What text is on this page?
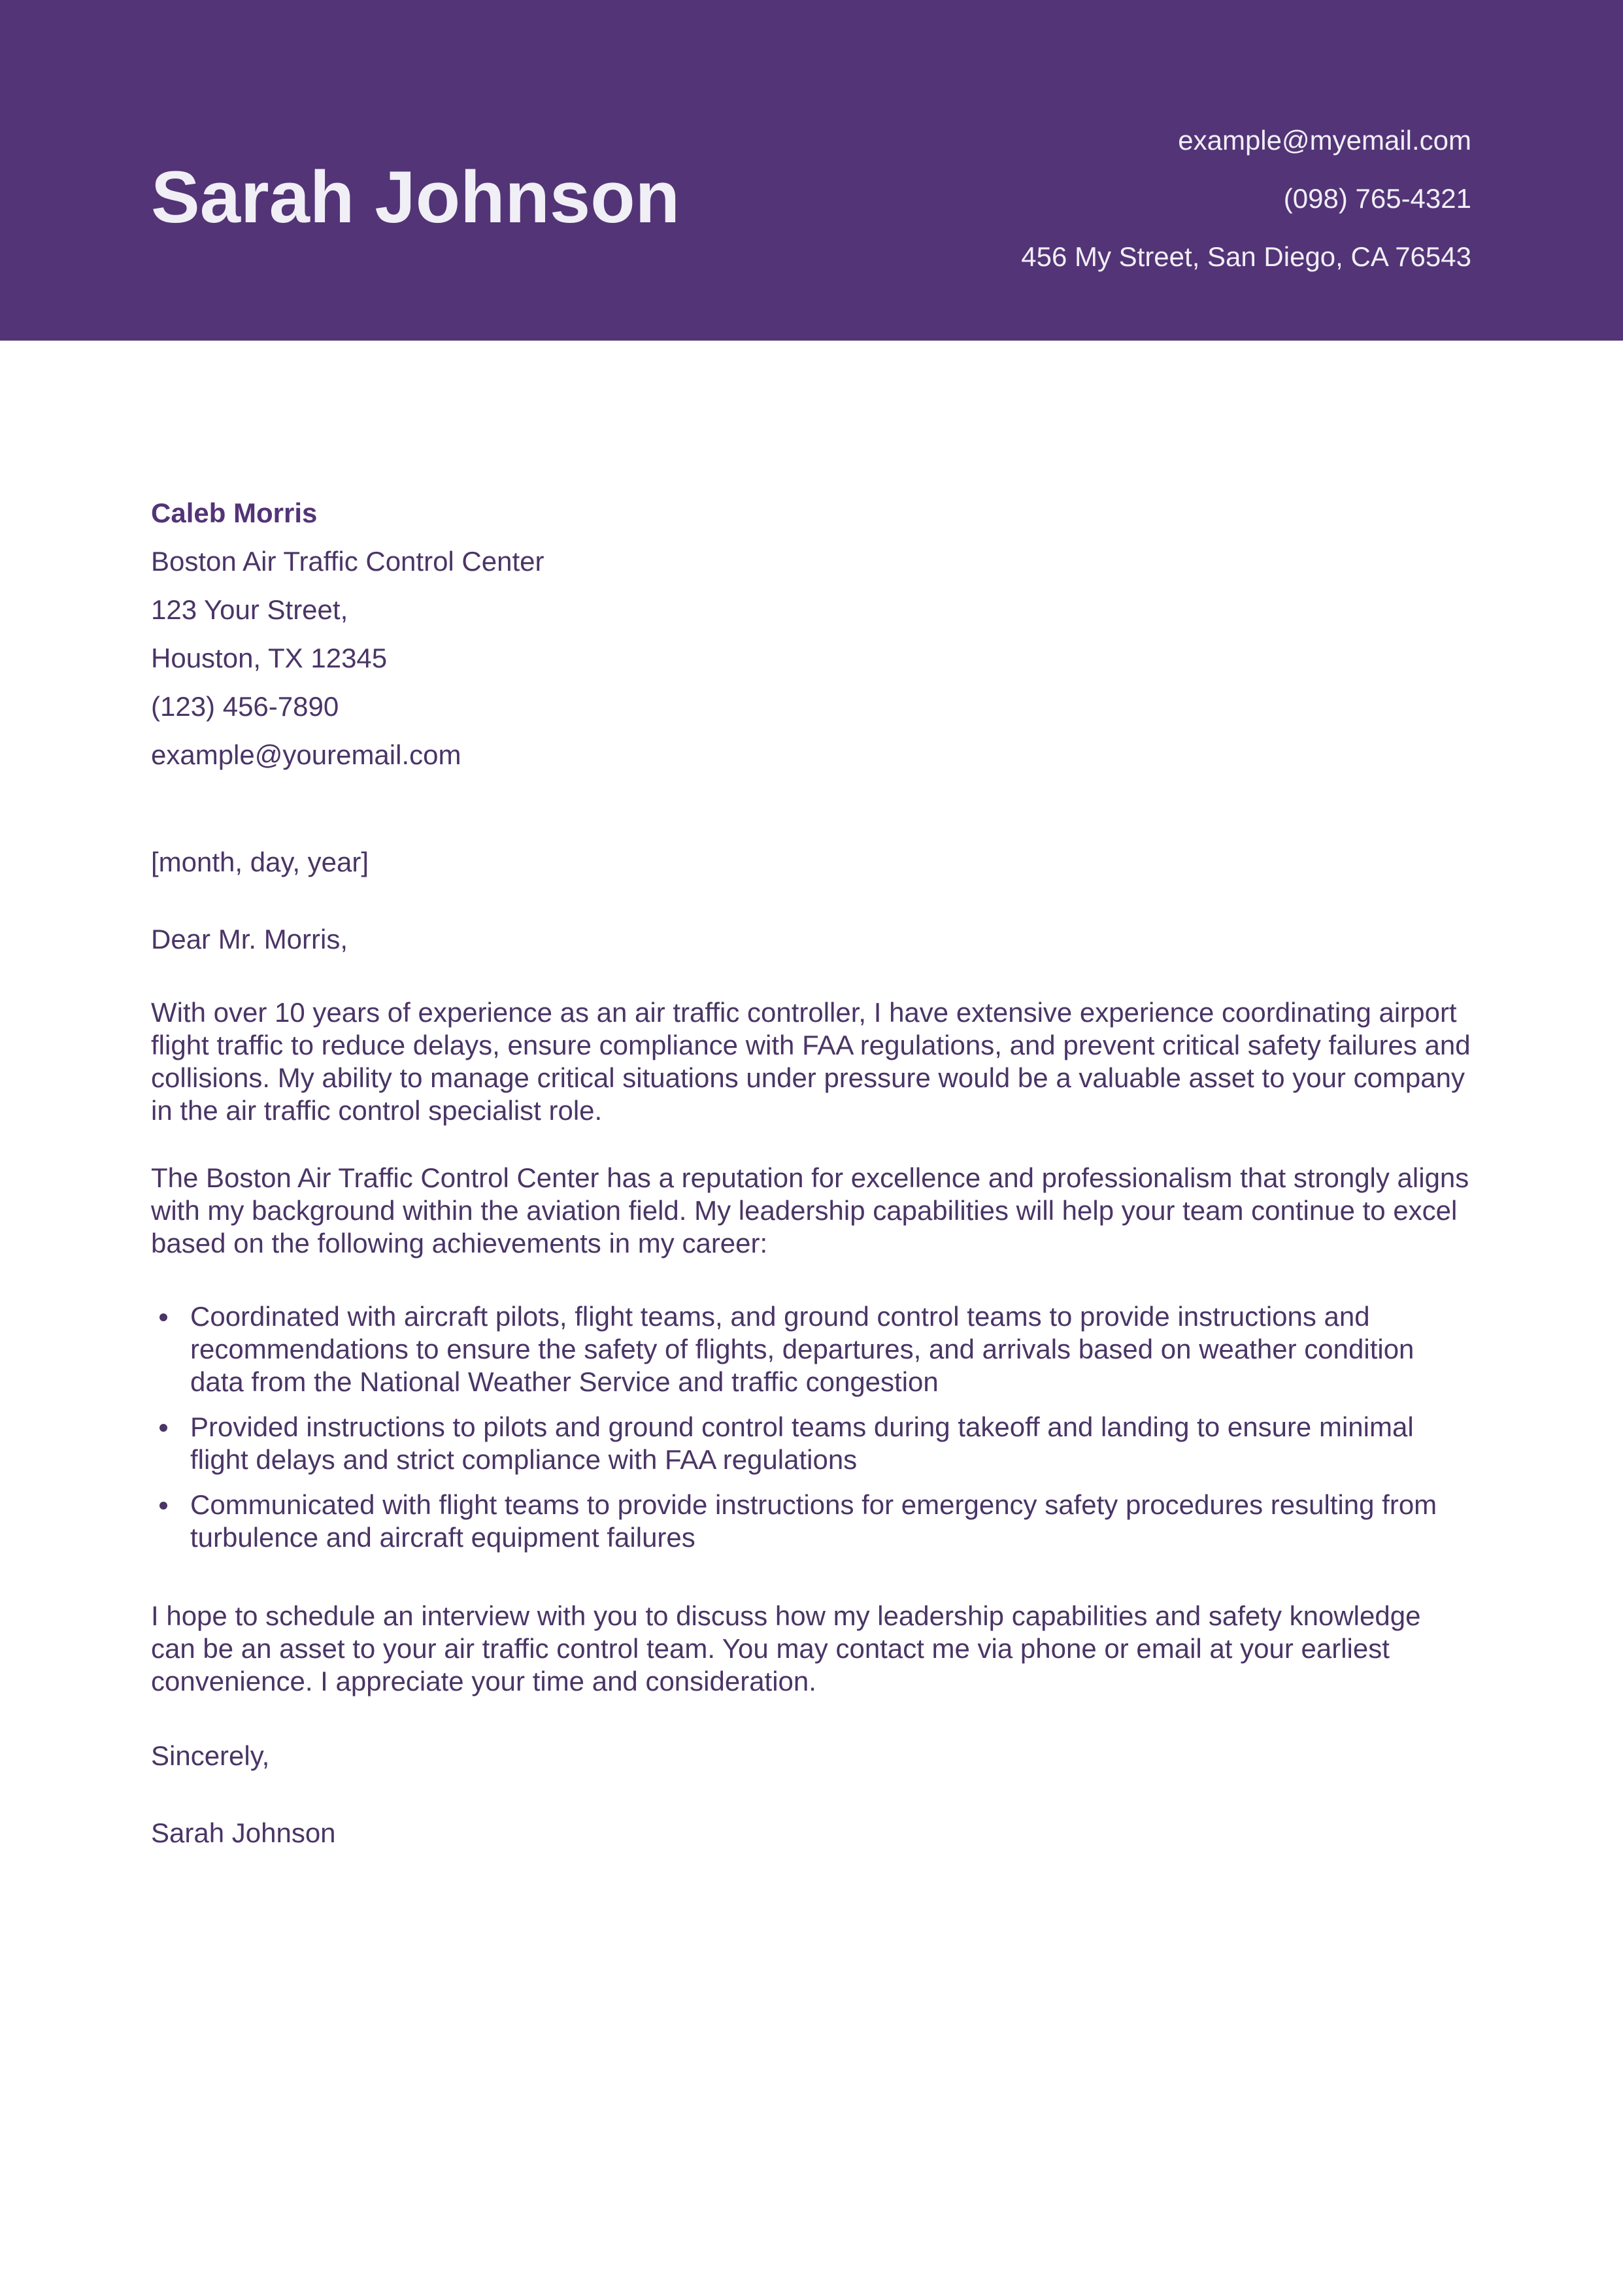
Sarah Johnson
example@myemail.com
(098) 765-4321
456 My Street, San Diego, CA 76543
Caleb Morris
Boston Air Traffic Control Center
123 Your Street,
Houston, TX 12345
(123) 456-7890
example@youremail.com
[month, day, year]
Dear Mr. Morris,

With over 10 years of experience as an air traffic controller, I have extensive experience coordinating airport flight traffic to reduce delays, ensure compliance with FAA regulations, and prevent critical safety failures and collisions. My ability to manage critical situations under pressure would be a valuable asset to your company in the air traffic control specialist role.

The Boston Air Traffic Control Center has a reputation for excellence and professionalism that strongly aligns with my background within the aviation field. My leadership capabilities will help your team continue to excel based on the following achievements in my career:

Coordinated with aircraft pilots, flight teams, and ground control teams to provide instructions and recommendations to ensure the safety of flights, departures, and arrivals based on weather condition data from the National Weather Service and traffic congestion
Provided instructions to pilots and ground control teams during takeoff and landing to ensure minimal flight delays and strict compliance with FAA regulations
Communicated with flight teams to provide instructions for emergency safety procedures resulting from turbulence and aircraft equipment failures

I hope to schedule an interview with you to discuss how my leadership capabilities and safety knowledge can be an asset to your air traffic control team. You may contact me via phone or email at your earliest convenience. I appreciate your time and consideration.

Sincerely,
Sarah Johnson
